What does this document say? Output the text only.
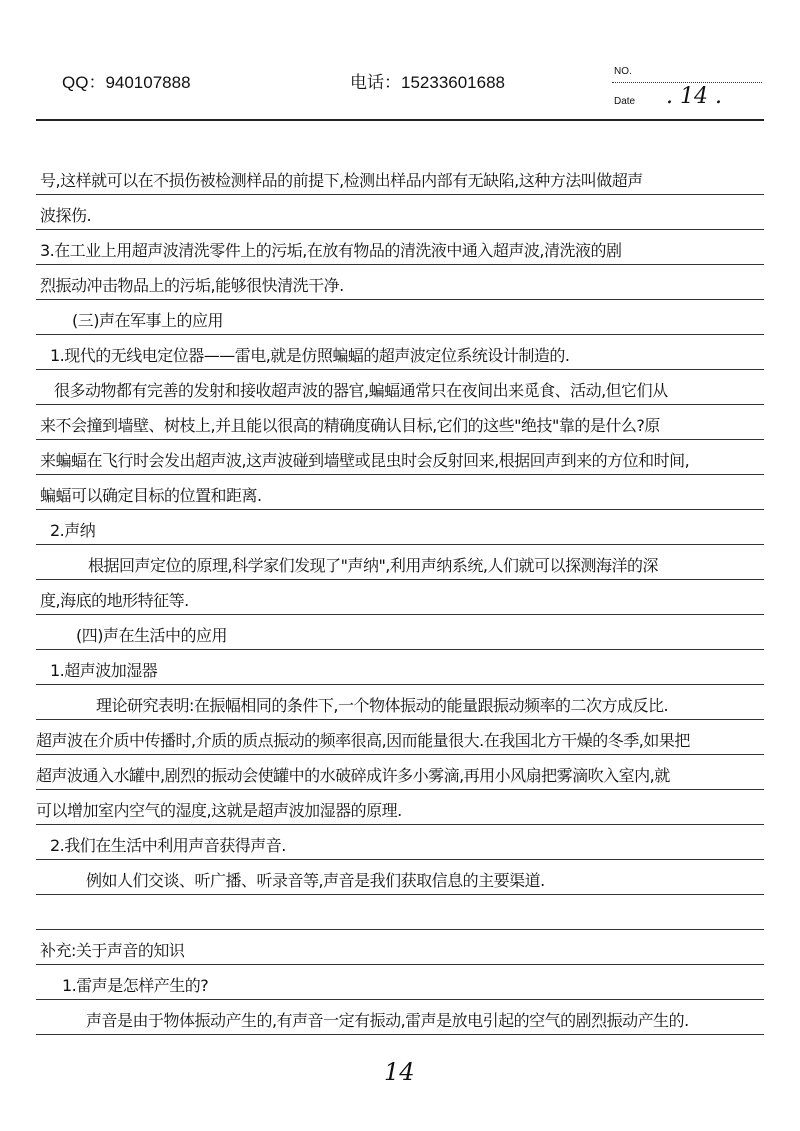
QQ：940107888	电话：15233601688
NO.
Date . 14 .
号,这样就可以在不损伤被检测样品的前提下,检测出样品内部有无缺陷,这种方法叫做超声
波探伤.
3.在工业上用超声波清洗零件上的污垢,在放有物品的清洗液中通入超声波,清洗液的剧
烈振动冲击物品上的污垢,能够很快清洗干净.
(三)声在军事上的应用
1.现代的无线电定位器——雷电,就是仿照蝙蝠的超声波定位系统设计制造的.
很多动物都有完善的发射和接收超声波的器官,蝙蝠通常只在夜间出来觅食、活动,但它们从
来不会撞到墙壁、树枝上,并且能以很高的精确度确认目标,它们的这些"绝技"靠的是什么?原
来蝙蝠在飞行时会发出超声波,这声波碰到墙壁或昆虫时会反射回来,根据回声到来的方位和时间,
蝙蝠可以确定目标的位置和距离.
2.声纳
根据回声定位的原理,科学家们发现了"声纳",利用声纳系统,人们就可以探测海洋的深
度,海底的地形特征等.
(四)声在生活中的应用
1.超声波加湿器
理论研究表明:在振幅相同的条件下,一个物体振动的能量跟振动频率的二次方成反比.
超声波在介质中传播时,介质的质点振动的频率很高,因而能量很大.在我国北方干燥的冬季,如果把
超声波通入水罐中,剧烈的振动会使罐中的水破碎成许多小雾滴,再用小风扇把雾滴吹入室内,就
可以增加室内空气的湿度,这就是超声波加湿器的原理.
2.我们在生活中利用声音获得声音.
例如人们交谈、听广播、听录音等,声音是我们获取信息的主要渠道.
补充:关于声音的知识
1.雷声是怎样产生的?
声音是由于物体振动产生的,有声音一定有振动,雷声是放电引起的空气的剧烈振动产生的.
14
